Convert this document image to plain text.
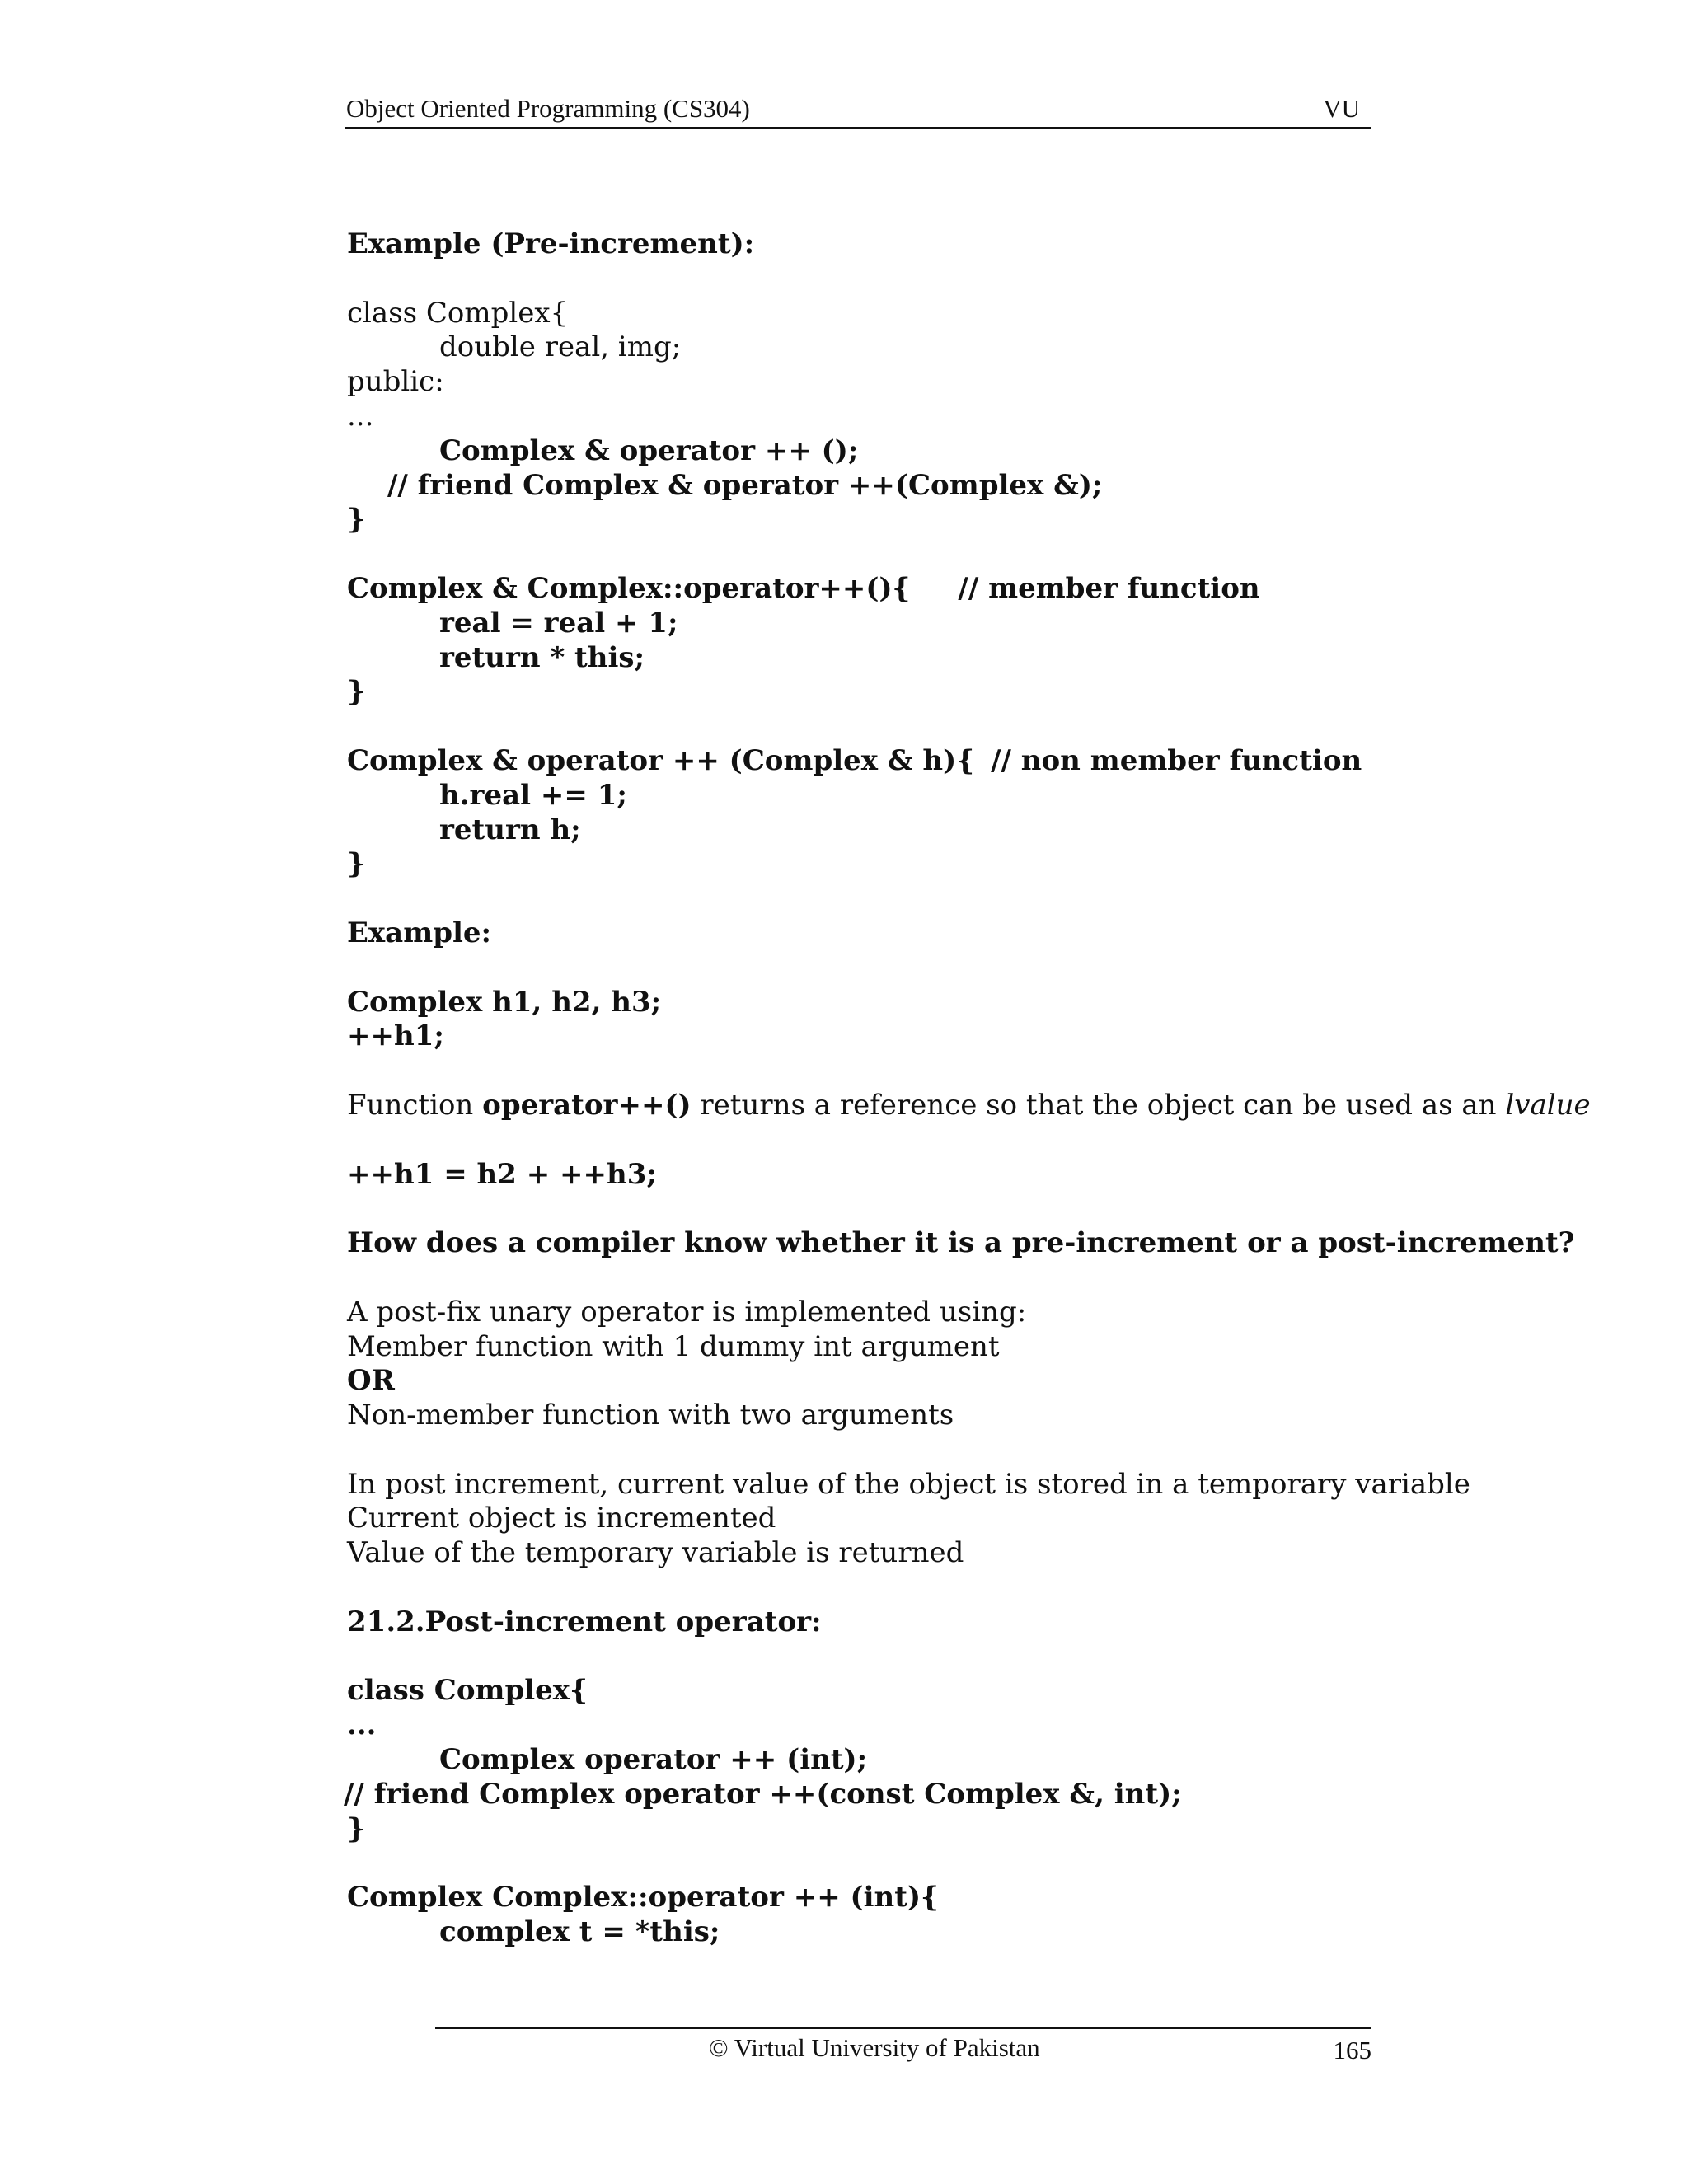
Object Oriented Programming (CS304)	VU

Example (Pre-increment):

class Complex{

double real, img;

public:

...

Complex & operator ++ ();

// friend Complex & operator ++(Complex &);

}

Complex & Complex::operator++(){ // member function

real = real + 1;

return * this;

}

Complex & operator ++ (Complex & h){ // non member function

h.real += 1;

return h;

}

Example:

Complex h1, h2, h3;

++h1;

Function operator++() returns a reference so that the object can be used as an lvalue

++h1 = h2 + ++h3;

How does a compiler know whether it is a pre-increment or a post-increment?

A post-fix unary operator is implemented using:

Member function with 1 dummy int argument

OR

Non-member function with two arguments

In post increment, current value of the object is stored in a temporary variable

Current object is incremented

Value of the temporary variable is returned

21.2.Post-increment operator:

class Complex{

...

Complex operator ++ (int);

// friend Complex operator ++(const Complex &, int);

}

Complex Complex::operator ++ (int){

complex t = *this;

© Virtual University of Pakistan	165
